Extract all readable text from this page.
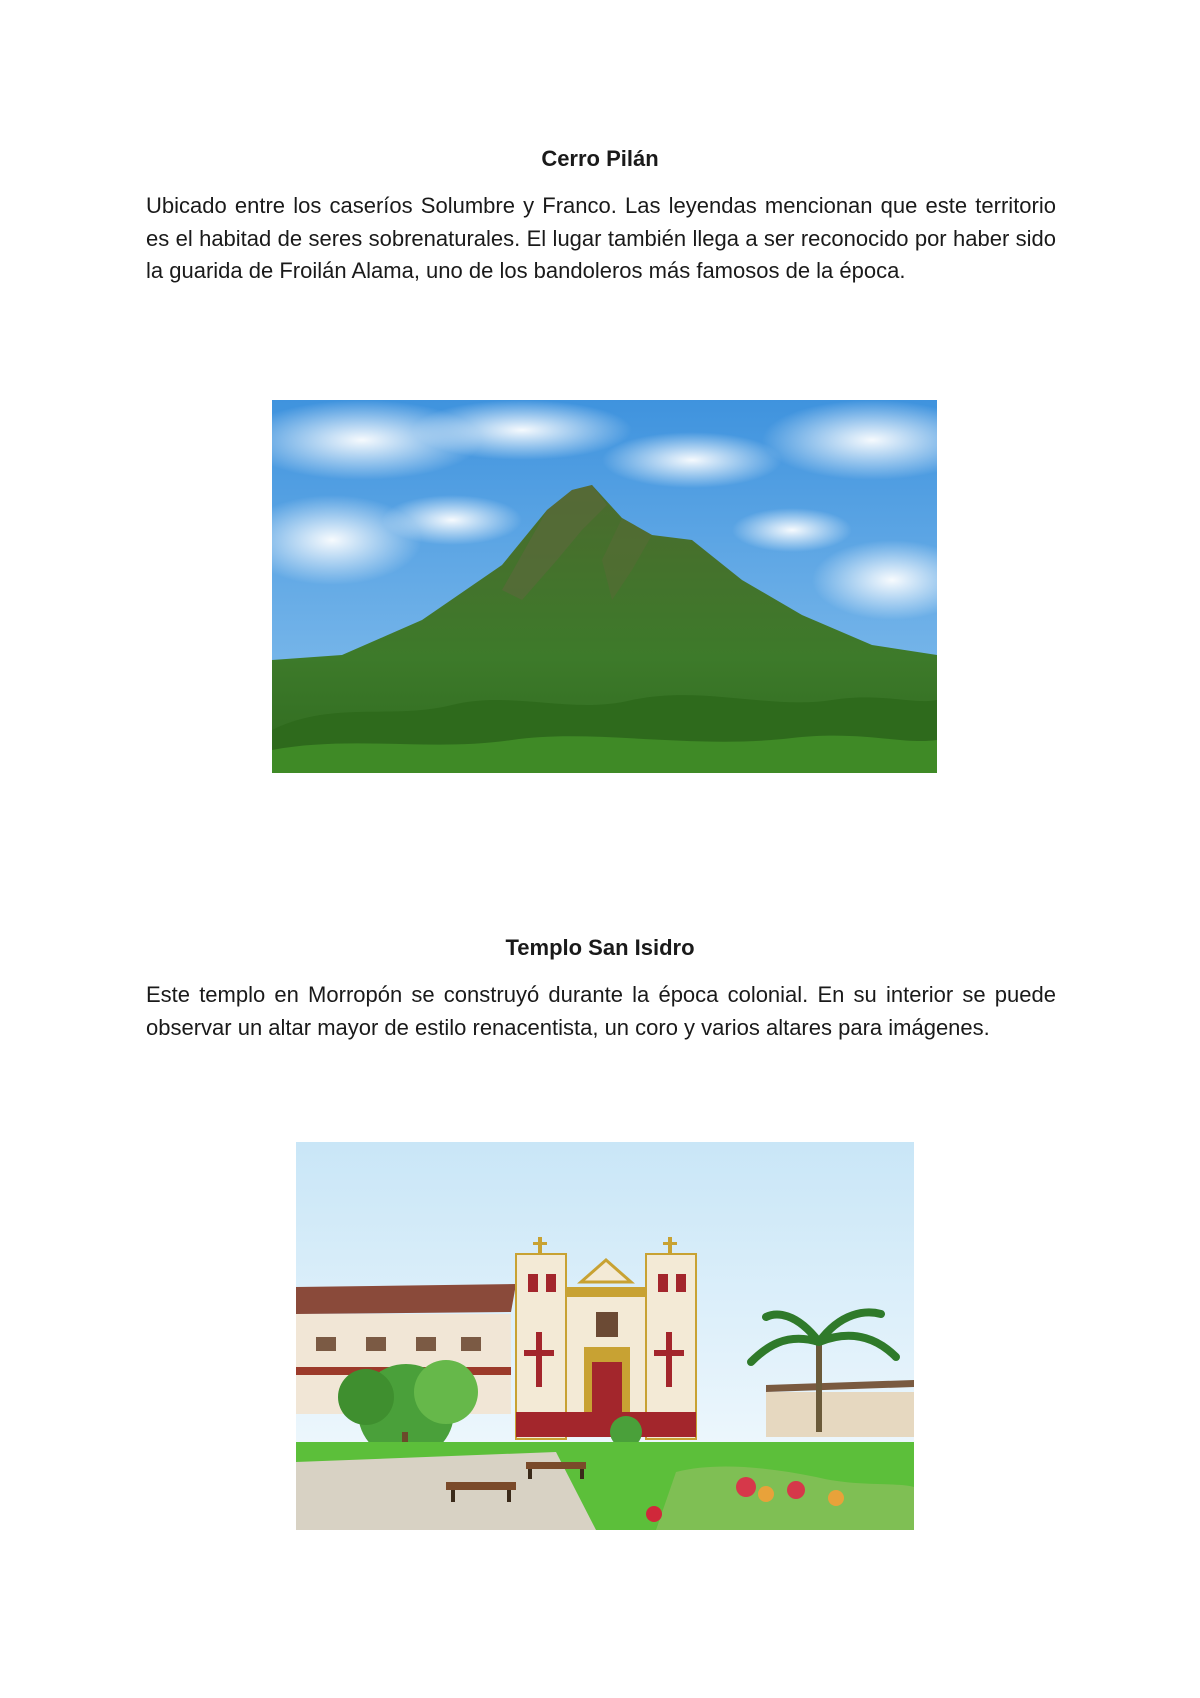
Cerro Pilán

Ubicado entre los caseríos Solumbre y Franco. Las leyendas mencionan que este territorio es el habitad de seres sobrenaturales. El lugar también llega a ser reconocido por haber sido la guarida de Froilán Alama, uno de los bandoleros más famosos de la época.

Templo San Isidro

Este templo en Morropón se construyó durante la época colonial. En su interior se puede observar un altar mayor de estilo renacentista, un coro y varios altares para imágenes.
